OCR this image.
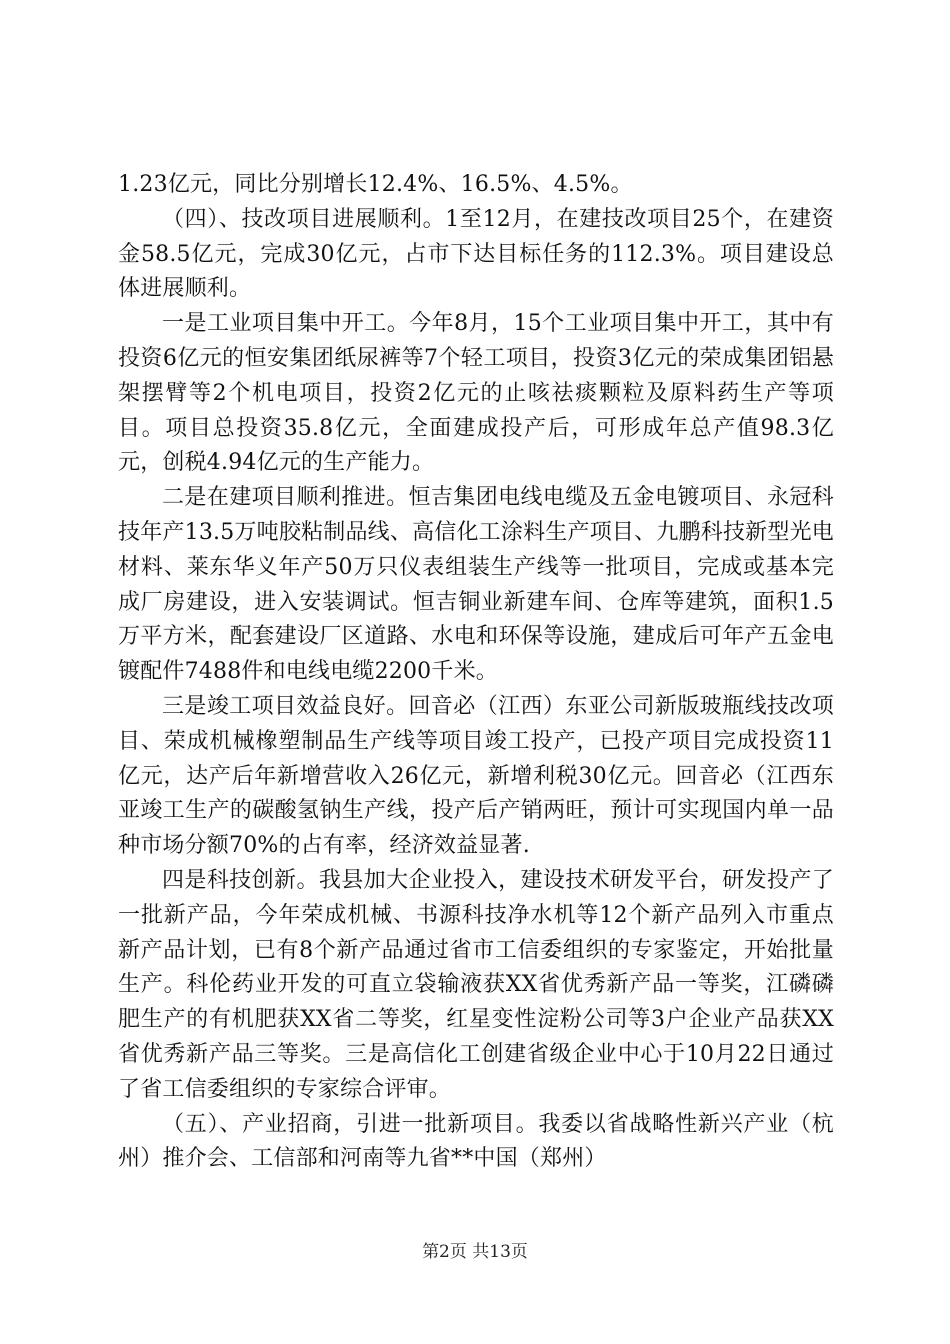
1.23亿元，同比分别增长12.4%、16.5%、4.5%。

（四）、技改项目进展顺利。1至12月，在建技改项目25个，在建资金58.5亿元，完成30亿元，占市下达目标任务的112.3%。项目建设总体进展顺利。

一是工业项目集中开工。今年8月，15个工业项目集中开工，其中有投资6亿元的恒安集团纸尿裤等7个轻工项目，投资3亿元的荣成集团铝悬架摆臂等2个机电项目，投资2亿元的止咳祛痰颗粒及原料药生产等项目。项目总投资35.8亿元，全面建成投产后，可形成年总产值98.3亿元，创税4.94亿元的生产能力。

二是在建项目顺利推进。恒吉集团电线电缆及五金电镀项目、永冠科技年产13.5万吨胶粘制品线、高信化工涂料生产项目、九鹏科技新型光电材料、莱东华义年产50万只仪表组装生产线等一批项目，完成或基本完成厂房建设，进入安装调试。恒吉铜业新建车间、仓库等建筑，面积1.5万平方米，配套建设厂区道路、水电和环保等设施，建成后可年产五金电镀配件7488件和电线电缆2200千米。

三是竣工项目效益良好。回音必（江西）东亚公司新版玻瓶线技改项目、荣成机械橡塑制品生产线等项目竣工投产，已投产项目完成投资11亿元，达产后年新增营收入26亿元，新增利税30亿元。回音必（江西东亚竣工生产的碳酸氢钠生产线，投产后产销两旺，预计可实现国内单一品种市场分额70%的占有率，经济效益显著.

四是科技创新。我县加大企业投入，建设技术研发平台，研发投产了一批新产品，今年荣成机械、书源科技净水机等12个新产品列入市重点新产品计划，已有8个新产品通过省市工信委组织的专家鉴定，开始批量生产。科伦药业开发的可直立袋输液获XX省优秀新产品一等奖，江磷磷肥生产的有机肥获XX省二等奖，红星变性淀粉公司等3户企业产品获XX省优秀新产品三等奖。三是高信化工创建省级企业中心于10月22日通过了省工信委组织的专家综合评审。

（五）、产业招商，引进一批新项目。我委以省战略性新兴产业（杭州）推介会、工信部和河南等九省**中国（郑州）

第2页 共13页
